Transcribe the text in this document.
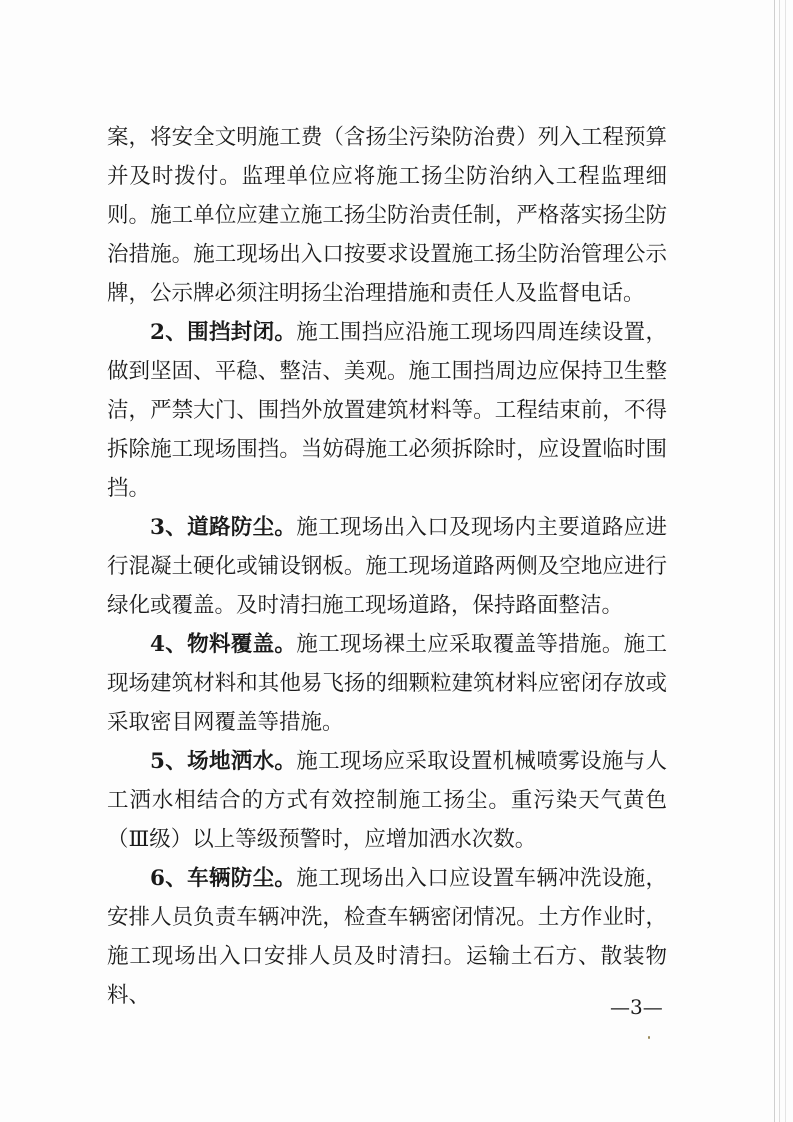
案，将安全文明施工费（含扬尘污染防治费）列入工程预算并及时拨付。监理单位应将施工扬尘防治纳入工程监理细则。施工单位应建立施工扬尘防治责任制，严格落实扬尘防治措施。施工现场出入口按要求设置施工扬尘防治管理公示牌，公示牌必须注明扬尘治理措施和责任人及监督电话。

2、围挡封闭。施工围挡应沿施工现场四周连续设置，做到坚固、平稳、整洁、美观。施工围挡周边应保持卫生整洁，严禁大门、围挡外放置建筑材料等。工程结束前，不得拆除施工现场围挡。当妨碍施工必须拆除时，应设置临时围挡。

3、道路防尘。施工现场出入口及现场内主要道路应进行混凝土硬化或铺设钢板。施工现场道路两侧及空地应进行绿化或覆盖。及时清扫施工现场道路，保持路面整洁。

4、物料覆盖。施工现场裸土应采取覆盖等措施。施工现场建筑材料和其他易飞扬的细颗粒建筑材料应密闭存放或采取密目网覆盖等措施。

5、场地洒水。施工现场应采取设置机械喷雾设施与人工洒水相结合的方式有效控制施工扬尘。重污染天气黄色（Ⅲ级）以上等级预警时，应增加洒水次数。

6、车辆防尘。施工现场出入口应设置车辆冲洗设施，安排人员负责车辆冲洗，检查车辆密闭情况。土方作业时，施工现场出入口安排人员及时清扫。运输土石方、散装物料、	—3—
